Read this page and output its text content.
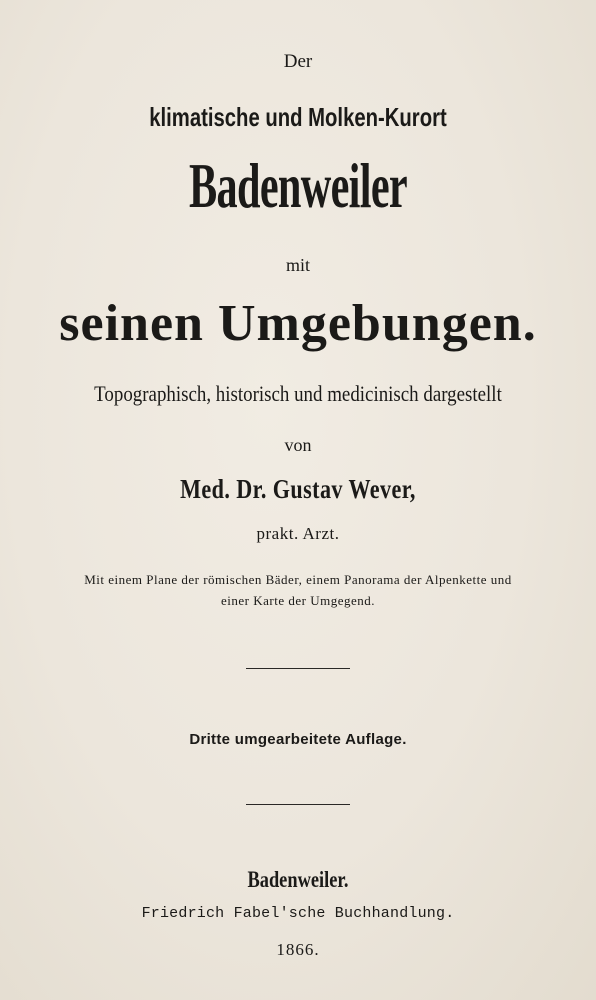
Der
klimatische und Molken-Kurort
Badenweiler
mit
seinen Umgebungen.
Topographisch, historisch und medicinisch dargestellt
von
Med. Dr. Gustav Wever,
prakt. Arzt.
Mit einem Plane der römischen Bäder, einem Panorama der Alpenkette und
einer Karte der Umgegend.
Dritte umgearbeitete Auflage.
Badenweiler.
Friedrich Fabel'sche Buchhandlung.
1866.
